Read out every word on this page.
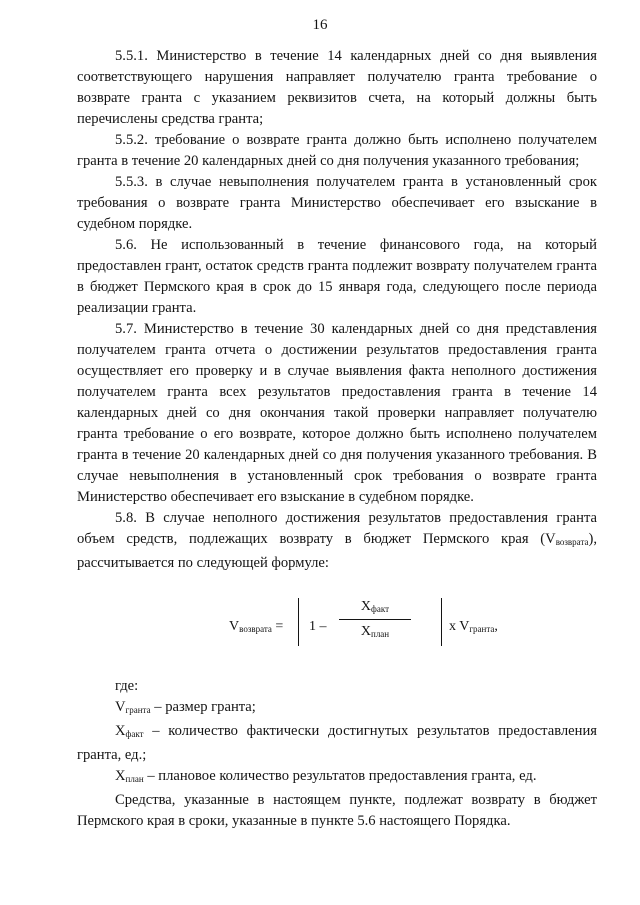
16

5.5.1. Министерство в течение 14 календарных дней со дня выявления соответствующего нарушения направляет получателю гранта требование о возврате гранта с указанием реквизитов счета, на который должны быть перечислены средства гранта;

5.5.2. требование о возврате гранта должно быть исполнено получателем гранта в течение 20 календарных дней со дня получения указанного требования;

5.5.3. в случае невыполнения получателем гранта в установленный срок требования о возврате гранта Министерство обеспечивает его взыскание в судебном порядке.

5.6. Не использованный в течение финансового года, на который предоставлен грант, остаток средств гранта подлежит возврату получателем гранта в бюджет Пермского края в срок до 15 января года, следующего после периода реализации гранта.

5.7. Министерство в течение 30 календарных дней со дня представления получателем гранта отчета о достижении результатов предоставления гранта осуществляет его проверку и в случае выявления факта неполного достижения получателем гранта всех результатов предоставления гранта в течение 14 календарных дней со дня окончания такой проверки направляет получателю гранта требование о его возврате, которое должно быть исполнено получателем гранта в течение 20 календарных дней со дня получения указанного требования. В случае невыполнения в установленный срок требования о возврате гранта Министерство обеспечивает его взыскание в судебном порядке.

5.8. В случае неполного достижения результатов предоставления гранта объем средств, подлежащих возврату в бюджет Пермского края $(V_{возврата})$, рассчитывается по следующей формуле:

$V_{возврата} = 1$ –
$X_{факт}$
$X_{план}$	x $V_{гранта}$,

где:

$V_{гранта}$ – размер гранта;

$X_{факт}$ – количество фактически достигнутых результатов предоставления гранта, ед.;

$X_{план}$ – плановое количество результатов предоставления гранта, ед.

Средства, указанные в настоящем пункте, подлежат возврату в бюджет Пермского края в сроки, указанные в пункте 5.6 настоящего Порядка.
